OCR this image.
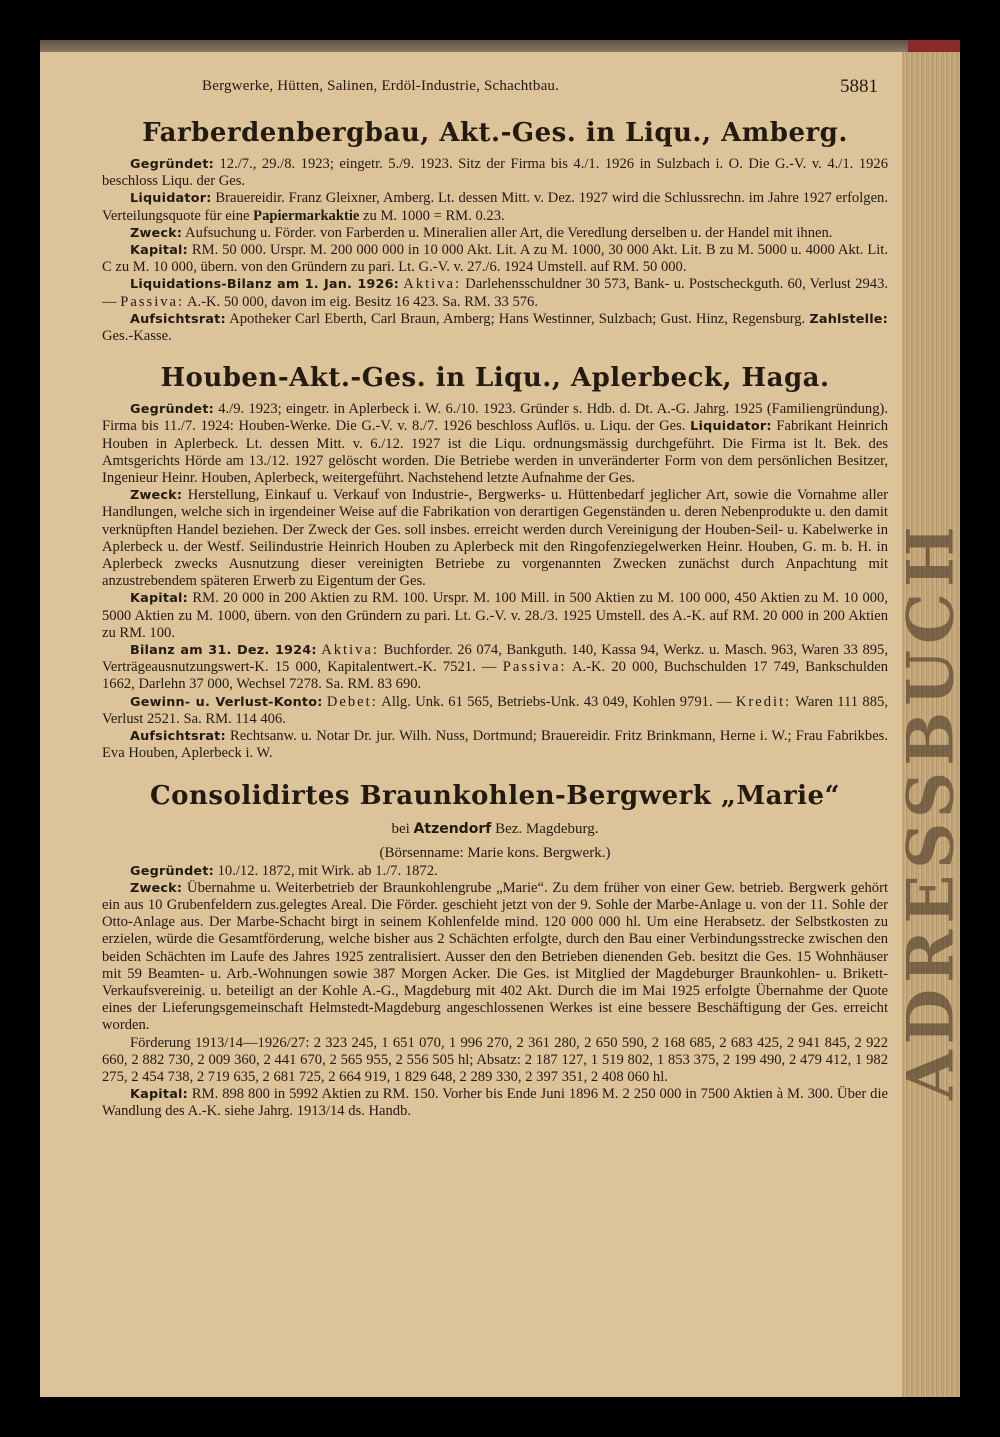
ADRESSBUCH
Bergwerke, Hütten, Salinen, Erdöl-Industrie, Schachtbau.	5881
Farberdenbergbau, Akt.-Ges. in Liqu., Amberg.

Gegründet: 12./7., 29./8. 1923; eingetr. 5./9. 1923. Sitz der Firma bis 4./1. 1926 in Sulzbach i. O. Die G.-V. v. 4./1. 1926 beschloss Liqu. der Ges.

Liquidator: Brauereidir. Franz Gleixner, Amberg. Lt. dessen Mitt. v. Dez. 1927 wird die Schlussrechn. im Jahre 1927 erfolgen. Verteilungsquote für eine Papiermarkaktie zu M. 1000 = RM. 0.23.

Zweck: Aufsuchung u. Förder. von Farberden u. Mineralien aller Art, die Veredlung derselben u. der Handel mit ihnen.

Kapital: RM. 50 000. Urspr. M. 200 000 000 in 10 000 Akt. Lit. A zu M. 1000, 30 000 Akt. Lit. B zu M. 5000 u. 4000 Akt. Lit. C zu M. 10 000, übern. von den Gründern zu pari. Lt. G.-V. v. 27./6. 1924 Umstell. auf RM. 50 000.

Liquidations-Bilanz am 1. Jan. 1926: Aktiva: Darlehensschuldner 30 573, Bank- u. Postscheckguth. 60, Verlust 2943. — Passiva: A.-K. 50 000, davon im eig. Besitz 16 423. Sa. RM. 33 576.

Aufsichtsrat: Apotheker Carl Eberth, Carl Braun, Amberg; Hans Westinner, Sulzbach; Gust. Hinz, Regensburg. Zahlstelle: Ges.-Kasse.

Houben-Akt.-Ges. in Liqu., Aplerbeck, Haga.

Gegründet: 4./9. 1923; eingetr. in Aplerbeck i. W. 6./10. 1923. Gründer s. Hdb. d. Dt. A.-G. Jahrg. 1925 (Familiengründung). Firma bis 11./7. 1924: Houben-Werke. Die G.-V. v. 8./7. 1926 beschloss Auflös. u. Liqu. der Ges. Liquidator: Fabrikant Heinrich Houben in Aplerbeck. Lt. dessen Mitt. v. 6./12. 1927 ist die Liqu. ordnungsmässig durchgeführt. Die Firma ist lt. Bek. des Amtsgerichts Hörde am 13./12. 1927 gelöscht worden. Die Betriebe werden in unveränderter Form von dem persönlichen Besitzer, Ingenieur Heinr. Houben, Aplerbeck, weitergeführt. Nachstehend letzte Aufnahme der Ges.

Zweck: Herstellung, Einkauf u. Verkauf von Industrie-, Bergwerks- u. Hüttenbedarf jeglicher Art, sowie die Vornahme aller Handlungen, welche sich in irgendeiner Weise auf die Fabrikation von derartigen Gegenständen u. deren Nebenprodukte u. den damit verknüpften Handel beziehen. Der Zweck der Ges. soll insbes. erreicht werden durch Vereinigung der Houben-Seil- u. Kabelwerke in Aplerbeck u. der Westf. Seilindustrie Heinrich Houben zu Aplerbeck mit den Ringofenziegelwerken Heinr. Houben, G. m. b. H. in Aplerbeck zwecks Ausnutzung dieser vereinigten Betriebe zu vorgenannten Zwecken zunächst durch Anpachtung mit anzustrebendem späteren Erwerb zu Eigentum der Ges.

Kapital: RM. 20 000 in 200 Aktien zu RM. 100. Urspr. M. 100 Mill. in 500 Aktien zu M. 100 000, 450 Aktien zu M. 10 000, 5000 Aktien zu M. 1000, übern. von den Gründern zu pari. Lt. G.-V. v. 28./3. 1925 Umstell. des A.-K. auf RM. 20 000 in 200 Aktien zu RM. 100.

Bilanz am 31. Dez. 1924: Aktiva: Buchforder. 26 074, Bankguth. 140, Kassa 94, Werkz. u. Masch. 963, Waren 33 895, Verträgeausnutzungswert-K. 15 000, Kapitalentwert.-K. 7521. — Passiva: A.-K. 20 000, Buchschulden 17 749, Bankschulden 1662, Darlehn 37 000, Wechsel 7278. Sa. RM. 83 690.

Gewinn- u. Verlust-Konto: Debet: Allg. Unk. 61 565, Betriebs-Unk. 43 049, Kohlen 9791. — Kredit: Waren 111 885, Verlust 2521. Sa. RM. 114 406.

Aufsichtsrat: Rechtsanw. u. Notar Dr. jur. Wilh. Nuss, Dortmund; Brauereidir. Fritz Brinkmann, Herne i. W.; Frau Fabrikbes. Eva Houben, Aplerbeck i. W.

Consolidirtes Braunkohlen-Bergwerk „Marie“

bei Atzendorf Bez. Magdeburg.

(Börsenname: Marie kons. Bergwerk.)

Gegründet: 10./12. 1872, mit Wirk. ab 1./7. 1872.

Zweck: Übernahme u. Weiterbetrieb der Braunkohlengrube „Marie“. Zu dem früher von einer Gew. betrieb. Bergwerk gehört ein aus 10 Grubenfeldern zus.gelegtes Areal. Die Förder. geschieht jetzt von der 9. Sohle der Marbe-Anlage u. von der 11. Sohle der Otto-Anlage aus. Der Marbe-Schacht birgt in seinem Kohlenfelde mind. 120 000 000 hl. Um eine Herabsetz. der Selbstkosten zu erzielen, würde die Gesamtförderung, welche bisher aus 2 Schächten erfolgte, durch den Bau einer Verbindungsstrecke zwischen den beiden Schächten im Laufe des Jahres 1925 zentralisiert. Ausser den den Betrieben dienenden Geb. besitzt die Ges. 15 Wohnhäuser mit 59 Beamten- u. Arb.-Wohnungen sowie 387 Morgen Acker. Die Ges. ist Mitglied der Magdeburger Braunkohlen- u. Brikett-Verkaufsvereinig. u. beteiligt an der Kohle A.-G., Magdeburg mit 402 Akt. Durch die im Mai 1925 erfolgte Übernahme der Quote eines der Lieferungsgemeinschaft Helmstedt-Magdeburg angeschlossenen Werkes ist eine bessere Beschäftigung der Ges. erreicht worden.

Förderung 1913/14—1926/27: 2 323 245, 1 651 070, 1 996 270, 2 361 280, 2 650 590, 2 168 685, 2 683 425, 2 941 845, 2 922 660, 2 882 730, 2 009 360, 2 441 670, 2 565 955, 2 556 505 hl; Absatz: 2 187 127, 1 519 802, 1 853 375, 2 199 490, 2 479 412, 1 982 275, 2 454 738, 2 719 635, 2 681 725, 2 664 919, 1 829 648, 2 289 330, 2 397 351, 2 408 060 hl.

Kapital: RM. 898 800 in 5992 Aktien zu RM. 150. Vorher bis Ende Juni 1896 M. 2 250 000 in 7500 Aktien à M. 300. Über die Wandlung des A.-K. siehe Jahrg. 1913/14 ds. Handb.
